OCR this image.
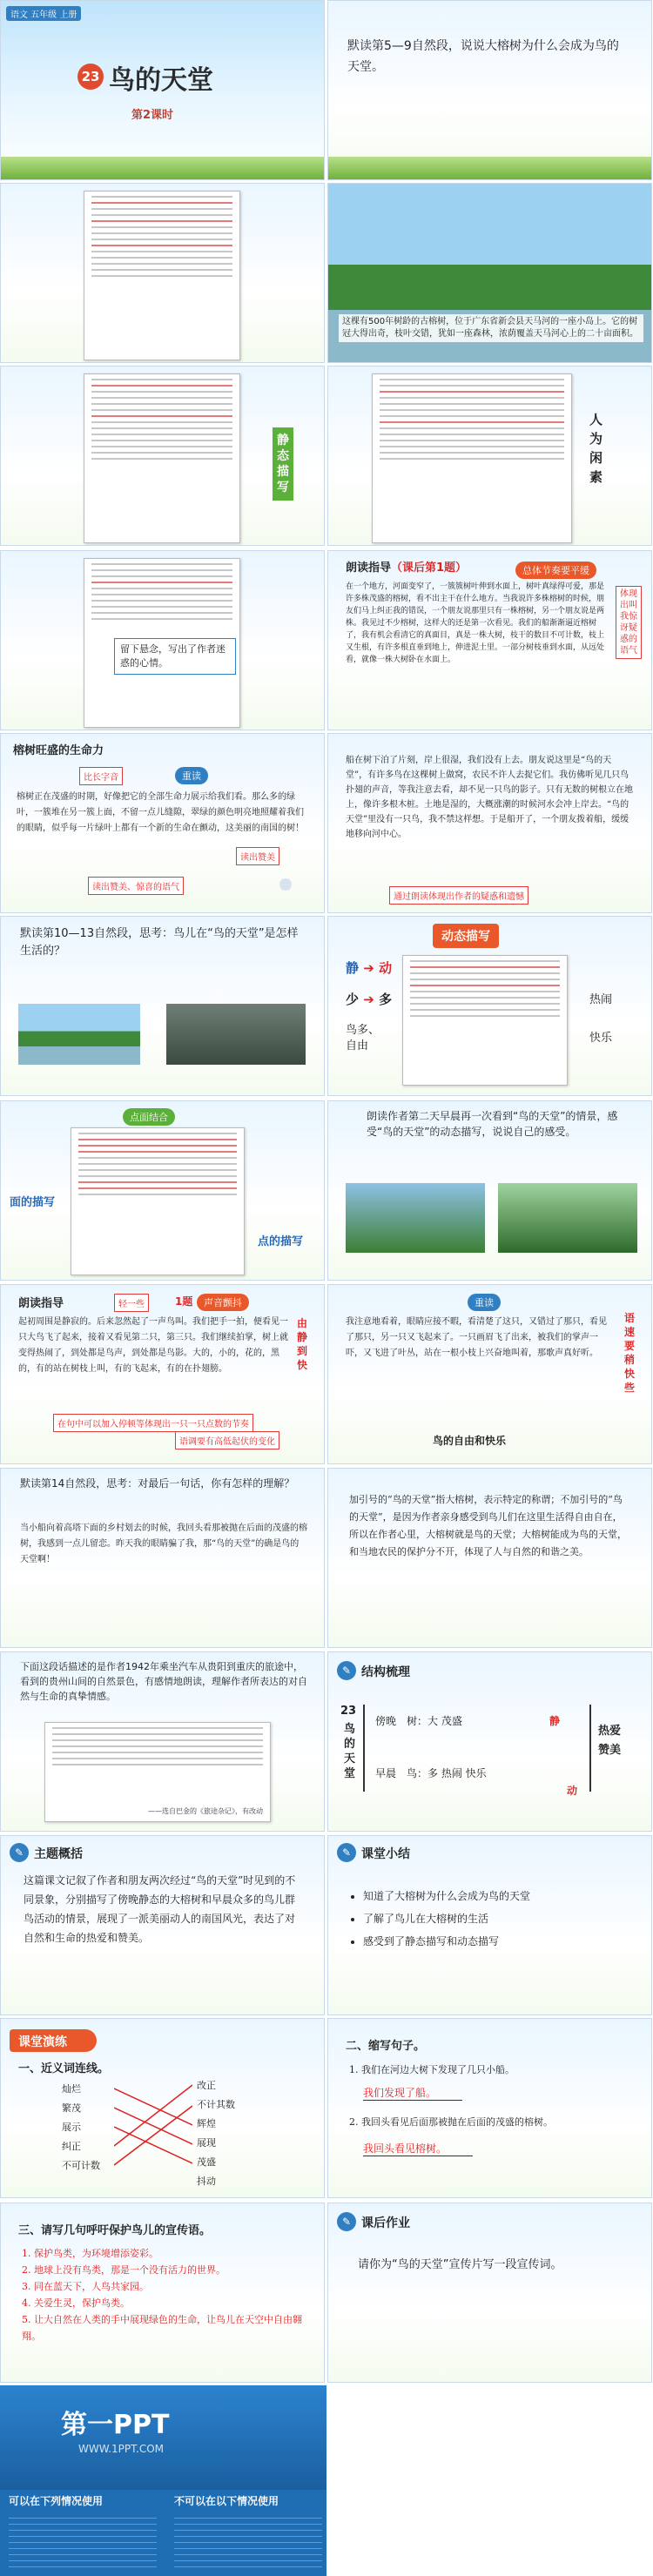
语文 五年级 上册
23 鸟的天堂
第2课时
默读第5—9自然段，说说大榕树为什么会成为鸟的天堂。
这棵有500年树龄的古榕树，位于广东省新会县天马河的一座小岛上。它的树冠大得出奇，枝叶交错，犹如一座森林，浓荫覆盖天马河心上的二十亩面积。
静态描写
人为闲素
留下悬念，写出了作者迷惑的心情。
朗读指导（课后第1题）	总体节奏要平缓
在一个地方，河面变窄了，一簇簇树叶伸到水面上，树叶真绿得可爱，那是许多株茂盛的榕树，看不出主干在什么地方。当我说许多株榕树的时候，朋友们马上纠正我的错误，一个朋友说那里只有一株榕树，另一个朋友说是两株。我见过不少榕树，这样大的还是第一次看见。我们的船渐渐逼近榕树了，我有机会看清它的真面目，真是一株大树，枝干的数目不可计数，枝上又生根，有许多根直垂到地上，伸进泥土里。一部分树枝垂到水面，从远处看，就像一株大树卧在水面上。
体现出叫我惊讶疑惑的语气
榕树旺盛的生命力
比长字音	重读
榕树正在茂盛的时期，好像把它的全部生命力展示给我们看。那么多的绿叶，一簇堆在另一簇上面，不留一点儿缝隙，翠绿的颜色明亮地照耀着我们的眼睛，似乎每一片绿叶上都有一个新的生命在颤动，这美丽的南国的树！
读出赞美
读出赞美、惊喜的语气
船在树下泊了片刻，岸上很湿，我们没有上去。朋友说这里是“鸟的天堂”，有许多鸟在这棵树上做窝，农民不许人去捉它们。我仿佛听见几只鸟扑翅的声音，等我注意去看，却不见一只鸟的影子。只有无数的树根立在地上，像许多根木桩。土地是湿的，大概涨潮的时候河水会冲上岸去。“鸟的天堂”里没有一只鸟，我不禁这样想。于是船开了，一个朋友拨着船，缓缓地移向河中心。
通过朗读体现出作者的疑惑和遗憾
默读第10—13自然段，思考：鸟儿在“鸟的天堂”是怎样生活的？
动态描写
静 ➔ 动
少 ➔ 多	热闹
鸟多、自由
快乐
点面结合
面的描写
点的描写
朗读作者第二天早晨再一次看到“鸟的天堂”的情景，感受“鸟的天堂”的动态描写，说说自己的感受。
朗读指导	轻一些	1题	声音颤抖
起初周围是静寂的。后来忽然起了一声鸟叫。我们把手一拍，便看见一只大鸟飞了起来，接着又看见第二只，第三只。我们继续拍掌，树上就变得热闹了，到处都是鸟声，到处都是鸟影。大的，小的，花的，黑的，有的站在树枝上叫，有的飞起来，有的在扑翅膀。
在句中可以加入停顿等体现出一只一只点数的节奏
语调要有高低起伏的变化
由静到快
重读
我注意地看着，眼睛应接不暇，看清楚了这只，又错过了那只，看见了那只，另一只又飞起来了。一只画眉飞了出来，被我们的掌声一吓，又飞进了叶丛，站在一根小枝上兴奋地叫着，那歌声真好听。
鸟的自由和快乐
语速要稍快些
默读第14自然段，思考：对最后一句话，你有怎样的理解？
当小船向着高塔下面的乡村划去的时候，我回头看那被抛在后面的茂盛的榕树，我感到一点儿留恋。昨天我的眼睛骗了我，那“鸟的天堂”的确是鸟的天堂啊！
加引号的“鸟的天堂”指大榕树，表示特定的称谓；不加引号的“鸟的天堂”，是因为作者亲身感受到鸟儿们在这里生活得自由自在，所以在作者心里，大榕树就是鸟的天堂；大榕树能成为鸟的天堂，和当地农民的保护分不开，体现了人与自然的和谐之美。
下面这段话描述的是作者1942年乘坐汽车从贵阳到重庆的旅途中，看到的贵州山间的自然景色，有感情地朗读，理解作者所表达的对自然与生命的真挚情感。
——选自巴金的《旅途杂记》，有改动
✎ 结构梳理
23
鸟的天堂
傍晚　 树：大 茂盛	静
早晨　 鸟：多 热闹 快乐
动
热爱 赞美
✎ 主题概括
这篇课文记叙了作者和朋友两次经过“鸟的天堂”时见到的不同景象，分别描写了傍晚静态的大榕树和早晨众多的鸟儿群鸟活动的情景，展现了一派美丽动人的南国风光，表达了对自然和生命的热爱和赞美。
✎ 课堂小结
• 知道了大榕树为什么会成为鸟的天堂
• 了解了鸟儿在大榕树的生活
• 感受到了静态描写和动态描写
课堂演练
一、近义词连线。
灿烂
繁茂
展示
纠正
不可计数
改正
不计其数
辉煌
展现
茂盛
抖动
二、缩写句子。
1. 我们在河边大树下发现了几只小船。
我们发现了船。
2. 我回头看见后面那被抛在后面的茂盛的榕树。
我回头看见榕树。
三、请写几句呼吁保护鸟儿的宣传语。
1. 保护鸟类，为环境增添姿彩。
2. 地球上没有鸟类，那是一个没有活力的世界。
3. 同在蓝天下，人鸟共家园。
4. 关爱生灵，保护鸟类。
5. 让大自然在人类的手中展现绿色的生命，让鸟儿在天空中自由翱翔。
✎ 课后作业
请你为“鸟的天堂”宣传片写一段宣传词。
第一PPT
WWW.1PPT.COM
可以在下列情况使用	不可以在以下情况使用
